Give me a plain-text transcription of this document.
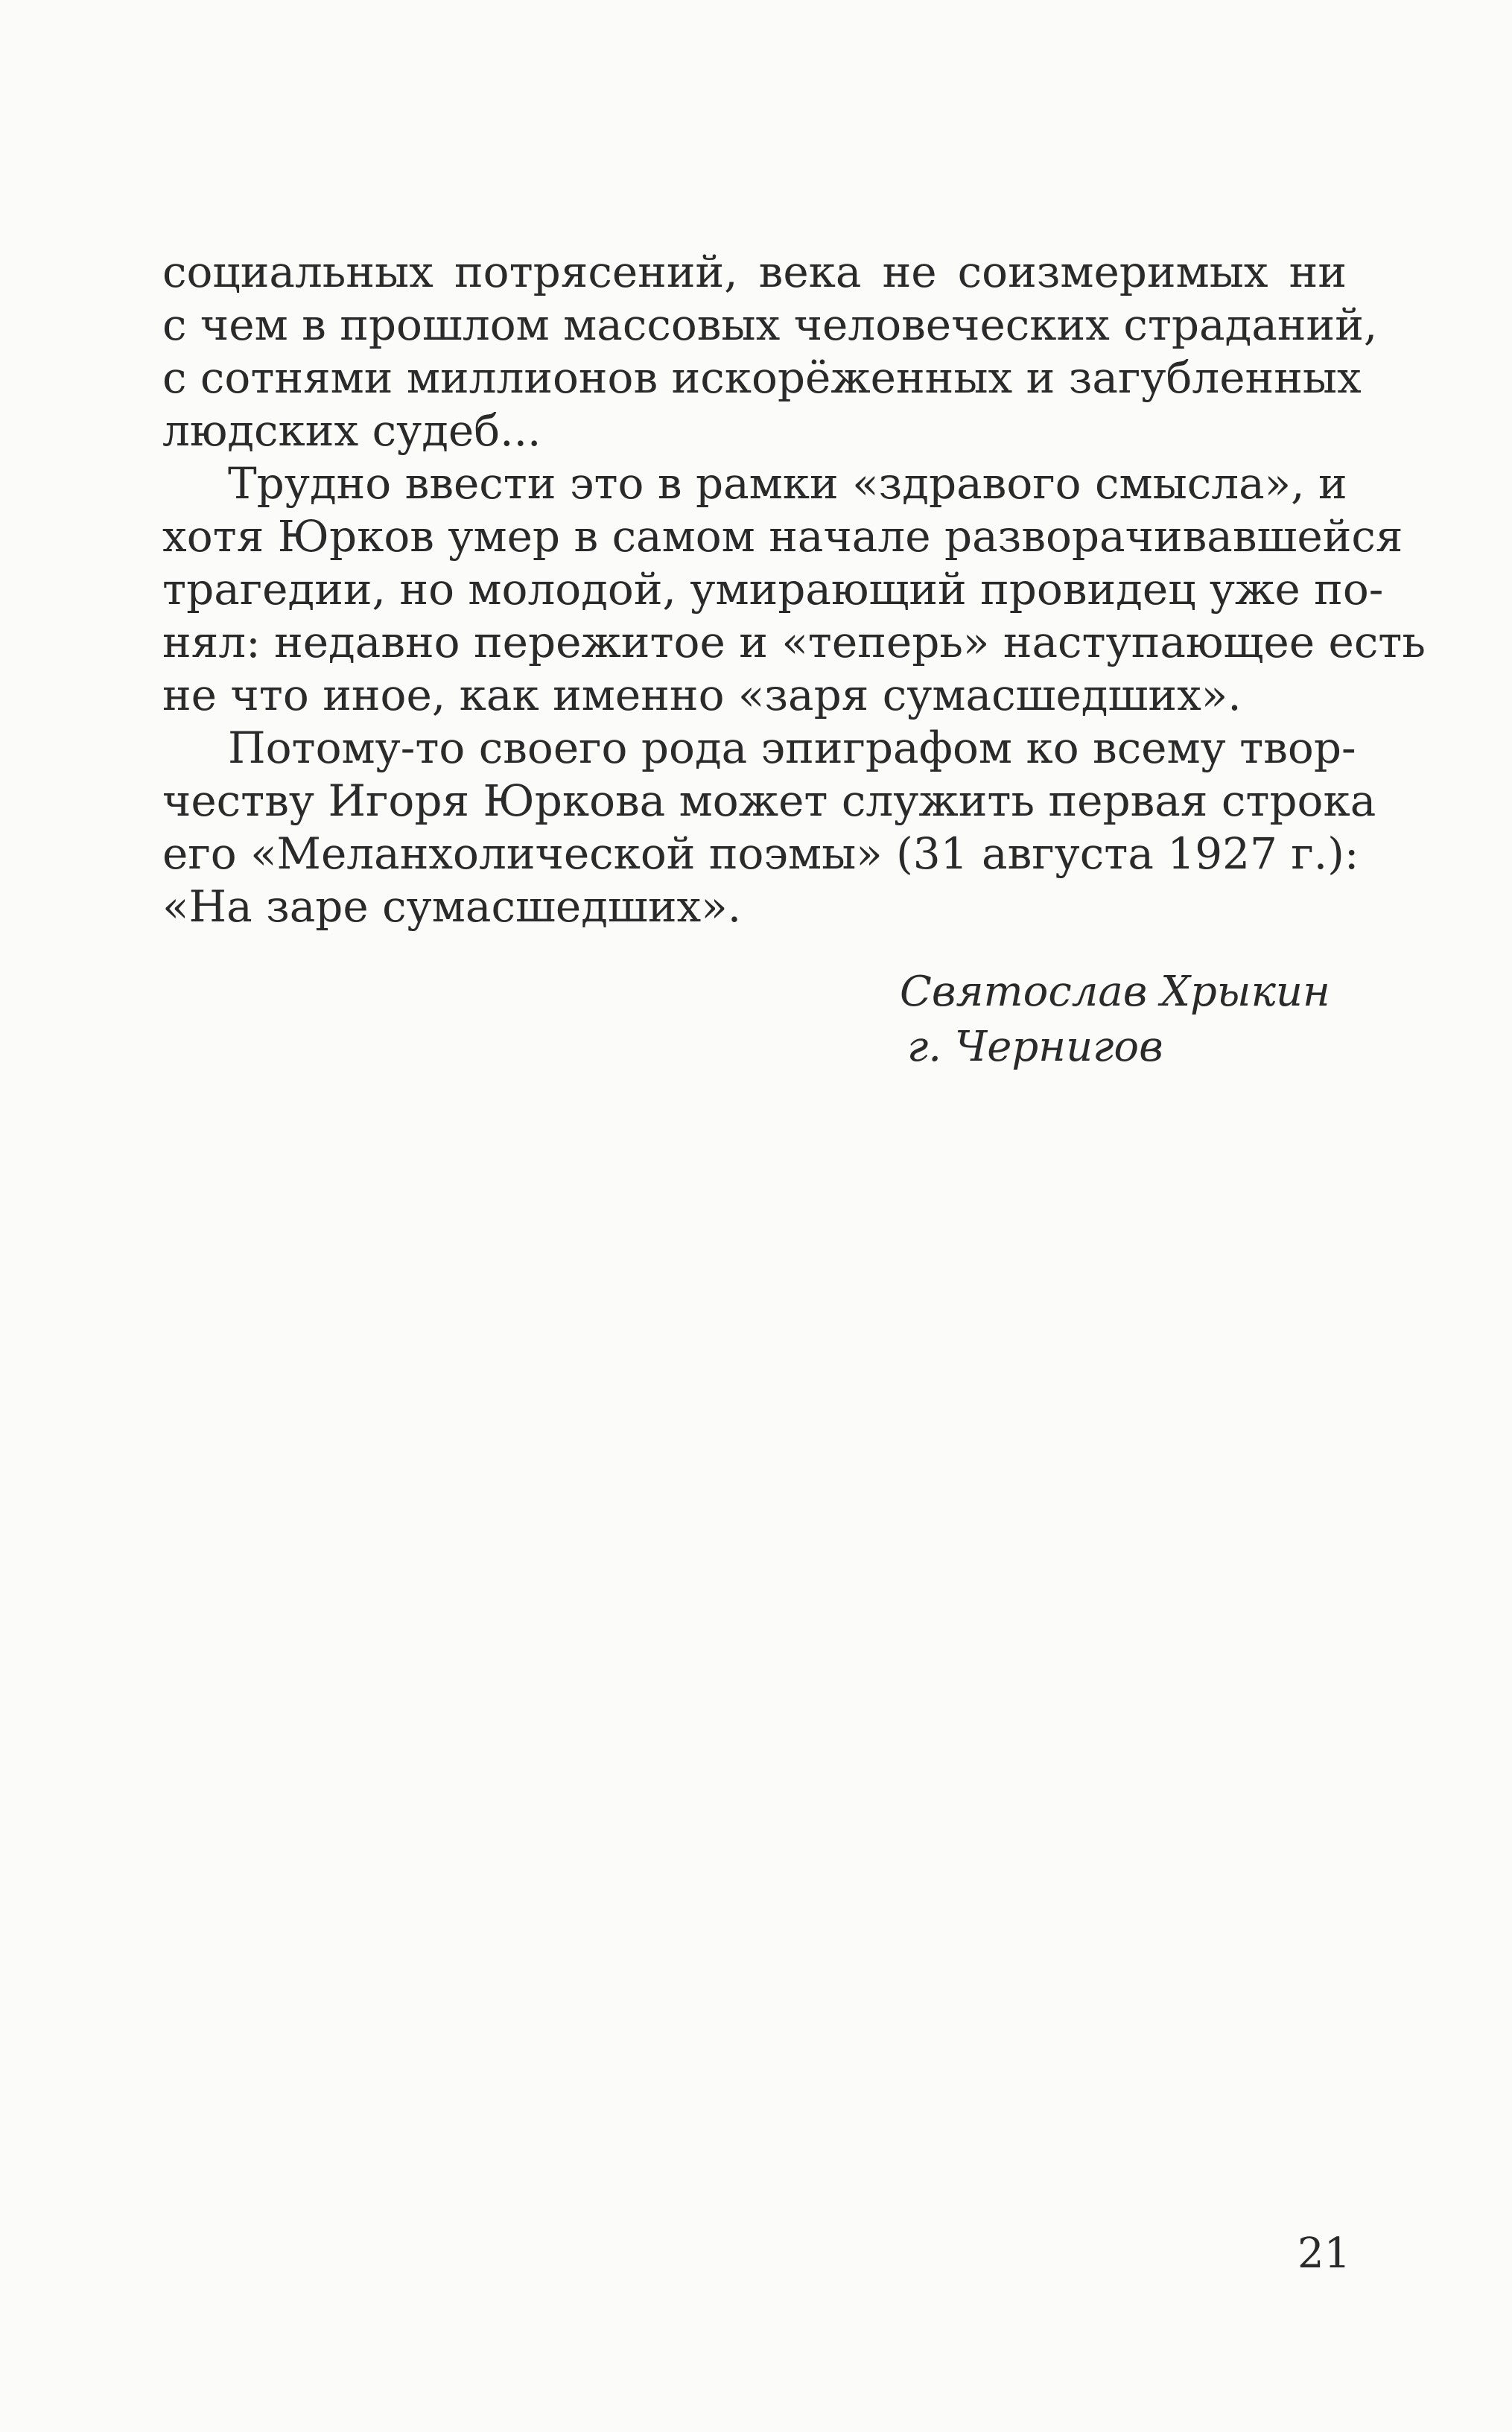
социальных потрясений, века не соизмеримых ни
с чем в прошлом массовых человеческих страданий,
с сотнями миллионов искорёженных и загубленных
людских судеб...
Трудно ввести это в рамки «здравого смысла», и
хотя Юрков умер в самом начале разворачивавшейся
трагедии, но молодой, умирающий провидец уже по-
нял: недавно пережитое и «теперь» наступающее есть
не что иное, как именно «заря сумасшедших».
Потому-то своего рода эпиграфом ко всему твор-
честву Игоря Юркова может служить первая строка
его «Меланхолической поэмы» (31 августа 1927 г.):
«На заре сумасшедших».
Святослав Хрыкин
г. Чернигов
21
